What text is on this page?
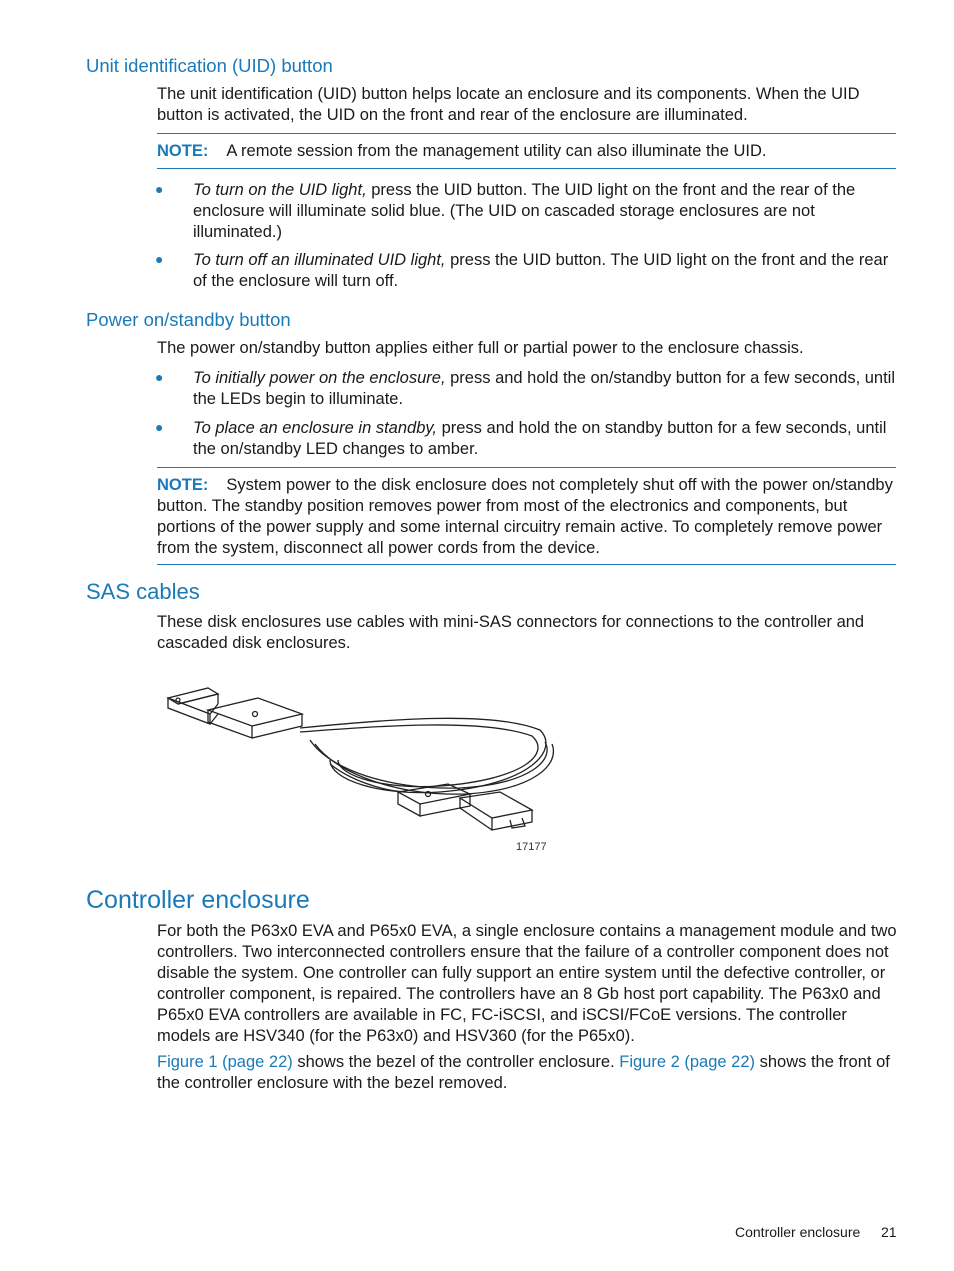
Unit identification (UID) button
The unit identification (UID) button helps locate an enclosure and its components. When the UID button is activated, the UID on the front and rear of the enclosure are illuminated.
NOTE: A remote session from the management utility can also illuminate the UID.
● To turn on the UID light, press the UID button. The UID light on the front and the rear of the enclosure will illuminate solid blue. (The UID on cascaded storage enclosures are not illuminated.)
● To turn off an illuminated UID light, press the UID button. The UID light on the front and the rear of the enclosure will turn off.
Power on/standby button
The power on/standby button applies either full or partial power to the enclosure chassis.
● To initially power on the enclosure, press and hold the on/standby button for a few seconds, until the LEDs begin to illuminate.
● To place an enclosure in standby, press and hold the on standby button for a few seconds, until the on/standby LED changes to amber.
NOTE: System power to the disk enclosure does not completely shut off with the power on/standby button. The standby position removes power from most of the electronics and components, but portions of the power supply and some internal circuitry remain active. To completely remove power from the system, disconnect all power cords from the device.
SAS cables
These disk enclosures use cables with mini-SAS connectors for connections to the controller and cascaded disk enclosures.
17177
Controller enclosure
For both the P63x0 EVA and P65x0 EVA, a single enclosure contains a management module and two controllers. Two interconnected controllers ensure that the failure of a controller component does not disable the system. One controller can fully support an entire system until the defective controller, or controller component, is repaired. The controllers have an 8 Gb host port capability. The P63x0 and P65x0 EVA controllers are available in FC, FC-iSCSI, and iSCSI/FCoE versions. The controller models are HSV340 (for the P63x0) and HSV360 (for the P65x0).
Figure 1 (page 22) shows the bezel of the controller enclosure. Figure 2 (page 22) shows the front of the controller enclosure with the bezel removed.
Controller enclosure 21
